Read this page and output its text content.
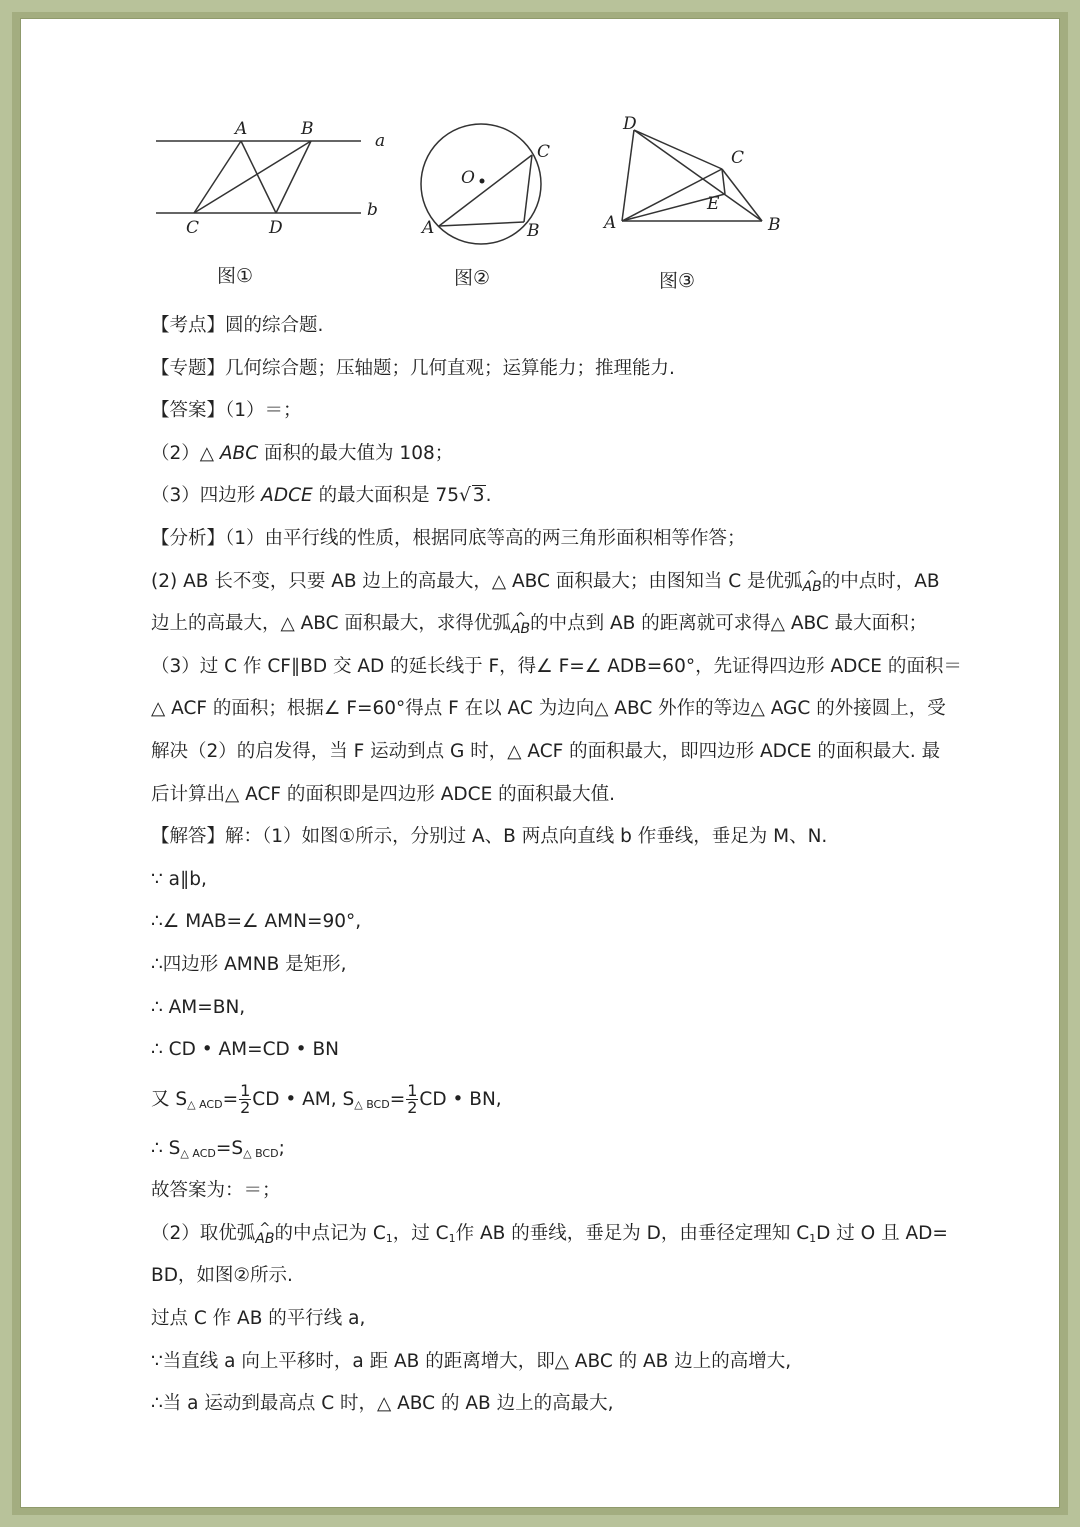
A	B
C	D
a
b
图①
O
A	B
C
图②
D
C
E
A	B
图③
【考点】圆的综合题.
【专题】几何综合题；压轴题；几何直观；运算能力；推理能力.
【答案】（1）＝；
（2）△ ABC 面积的最大值为 108；
（3）四边形 ADCE 的最大面积是 75√ 3.
【分析】（1）由平行线的性质，根据同底等高的两三角形面积相等作答；
(2) AB 长不变，只要 AB 边上的高最大，△ ABC 面积最大；由图知当 C 是优弧^ AB的中点时，AB
边上的高最大，△ ABC 面积最大，求得优弧^ AB的中点到 AB 的距离就可求得△ ABC 最大面积；
（3）过 C 作 CF∥BD 交 AD 的延长线于 F，得∠ F=∠ ADB=60°，先证得四边形 ADCE 的面积＝
△ ACF 的面积；根据∠ F=60°得点 F 在以 AC 为边向△ ABC 外作的等边△ AGC 的外接圆上，受
解决（2）的启发得，当 F 运动到点 G 时，△ ACF 的面积最大，即四边形 ADCE 的面积最大. 最
后计算出△ ACF 的面积即是四边形 ADCE 的面积最大值.
【解答】解：（1）如图①所示，分别过 A、B 两点向直线 b 作垂线，垂足为 M、N.
∵ a∥b,
∴∠ MAB=∠ AMN=90°,
∴四边形 AMNB 是矩形,
∴ AM=BN,
∴ CD • AM=CD • BN
又 $S_{\triangle ACD}= \frac{1}{2}$ CD • AM, $S_{\triangle BCD}= \frac{1}{2}$ CD • BN,
∴ $S_{\triangle ACD}=S_{\triangle BCD}$;
故答案为：＝；
（2）取优弧^ AB的中点记为 $C_1$，过 $C_1$作 AB 的垂线，垂足为 D，由垂径定理知 $C_1D$ 过 O 且 AD=
BD，如图②所示.
过点 C 作 AB 的平行线 a,
∵当直线 a 向上平移时，a 距 AB 的距离增大，即△ ABC 的 AB 边上的高增大,
∴当 a 运动到最高点 C 时，△ ABC 的 AB 边上的高最大,
